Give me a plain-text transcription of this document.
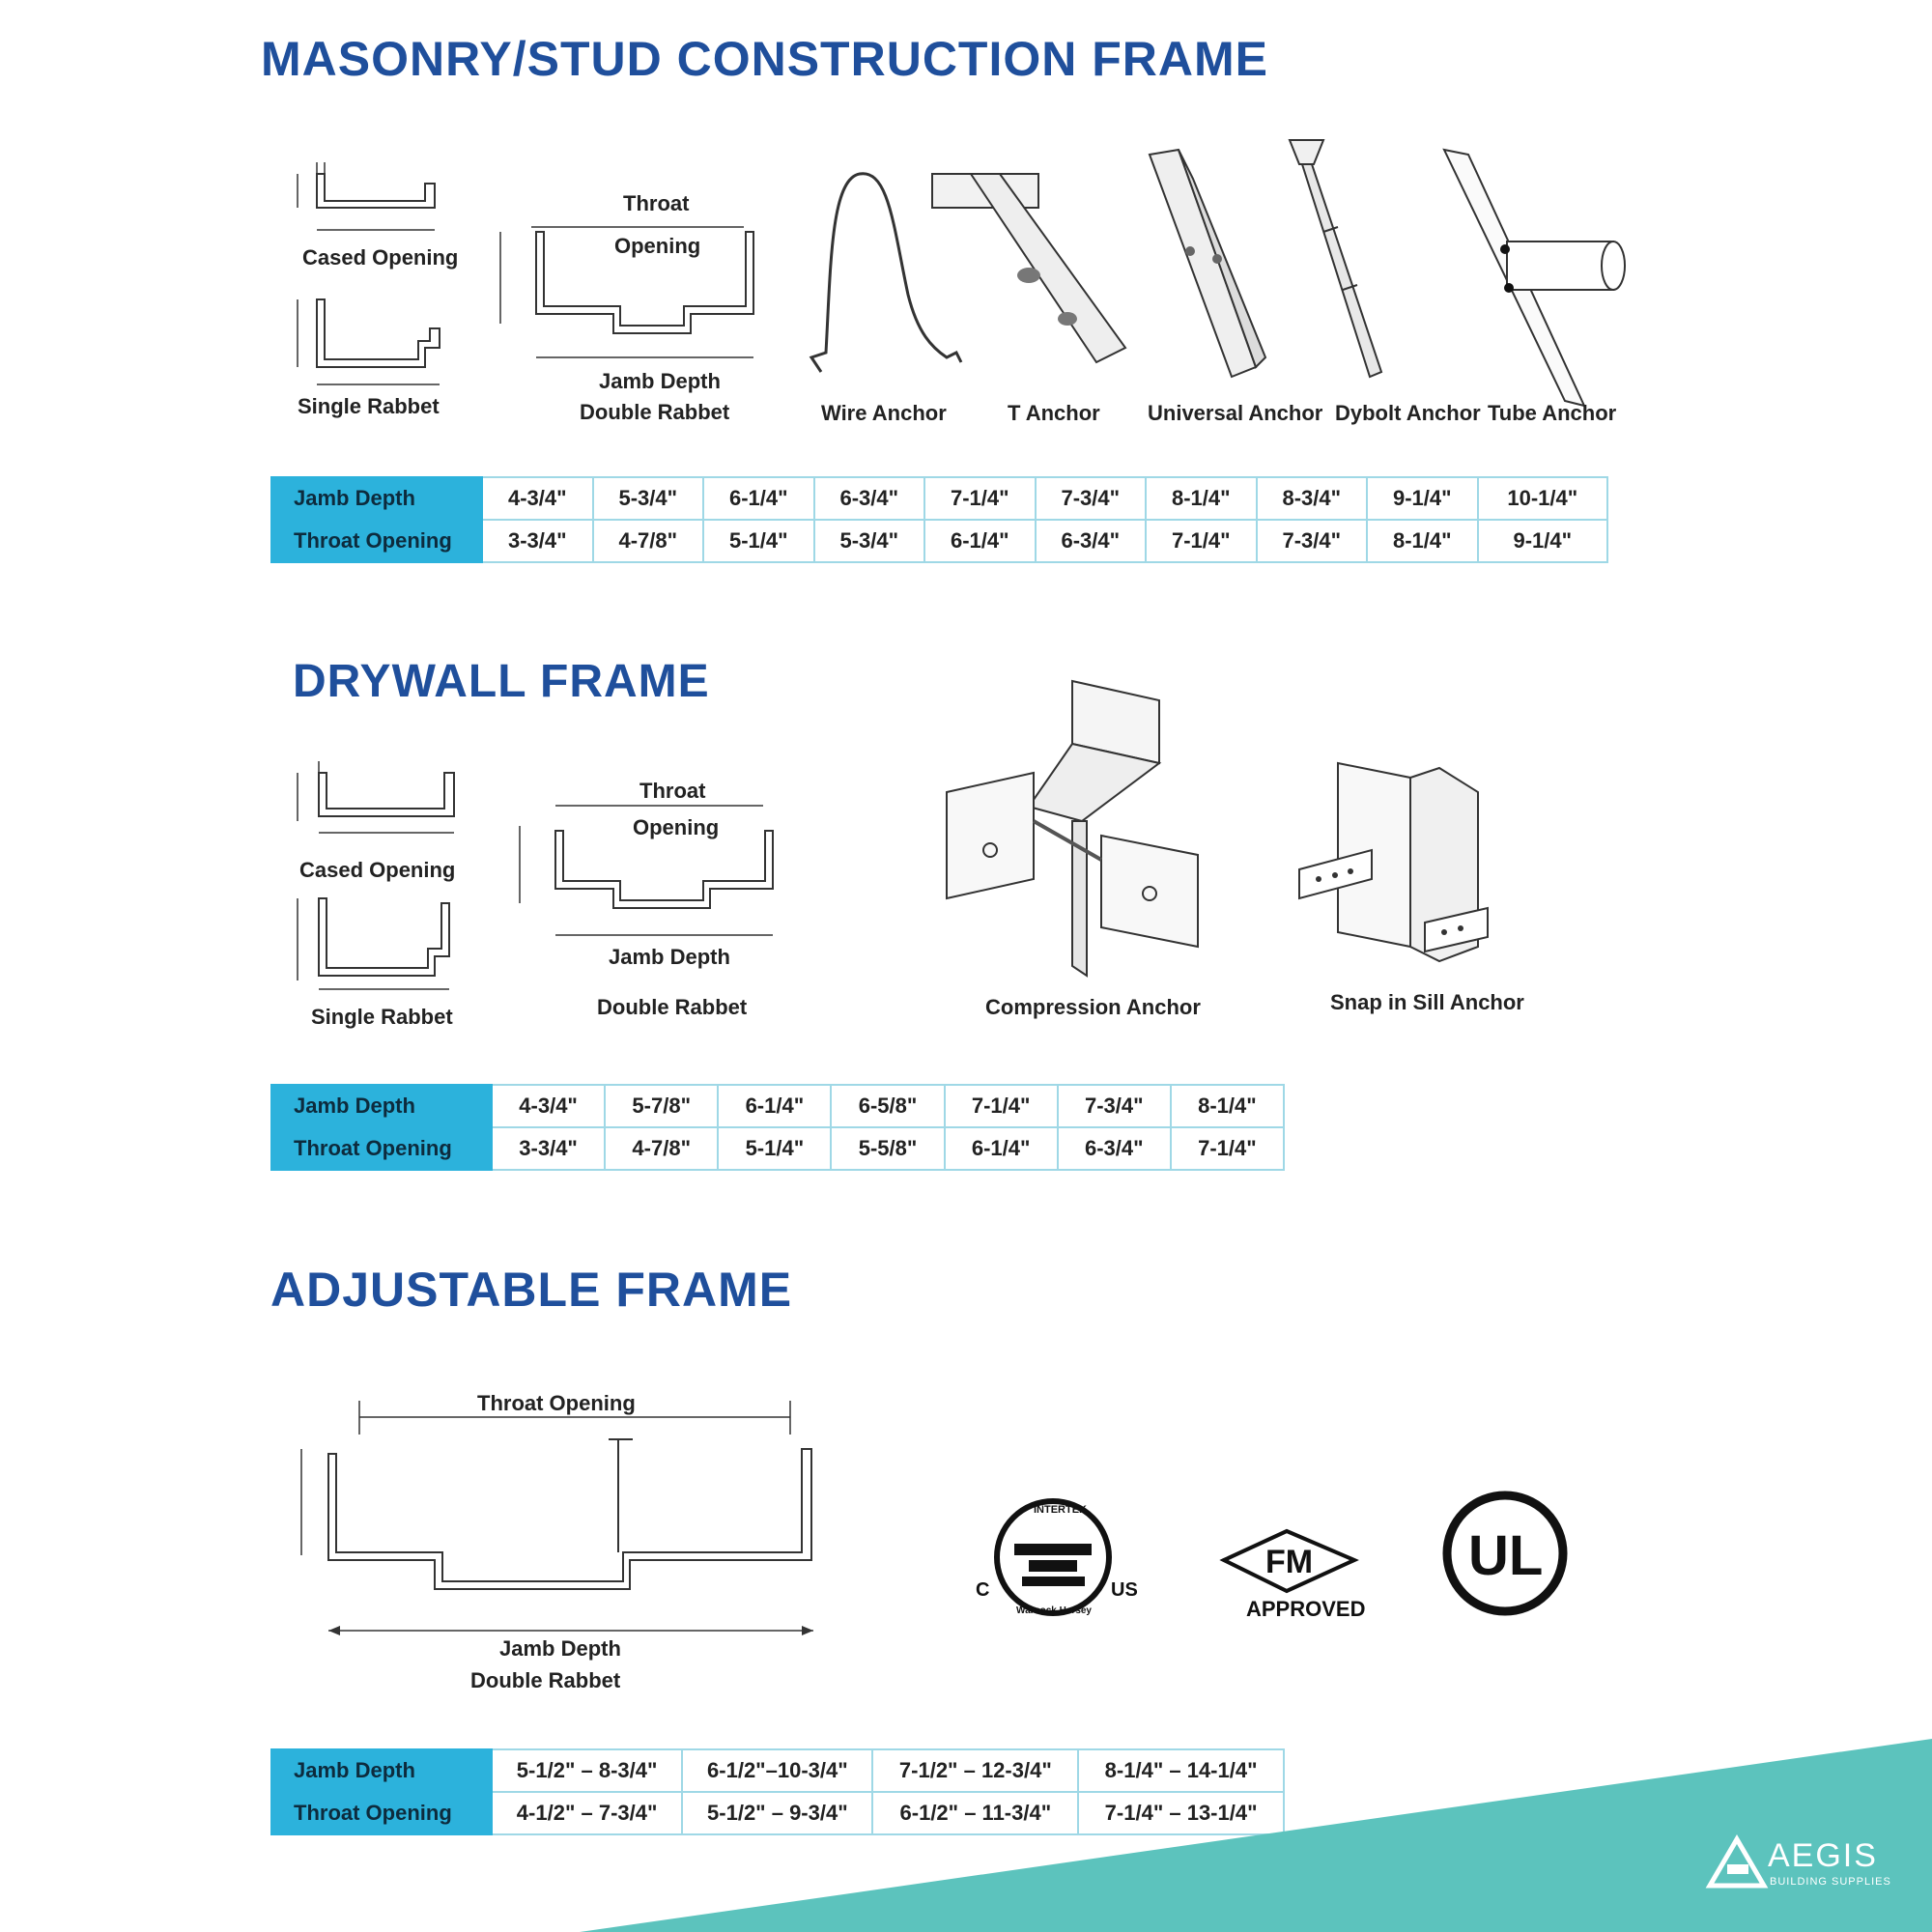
MASONRY/STUD CONSTRUCTION FRAME
Cased Opening
Single Rabbet
Throat
Opening
Jamb Depth
Double Rabbet	Wire Anchor	T Anchor Universal Anchor Dybolt Anchor Tube Anchor
Jamb Depth	4-3/4"	5-3/4"	6-1/4"	6-3/4"	7-1/4"	7-3/4"	8-1/4"	8-3/4"	9-1/4"	10-1/4"
Throat Opening	3-3/4"	4-7/8"	5-1/4"	5-3/4"	6-1/4"	6-3/4"	7-1/4"	7-3/4"	8-1/4"	9-1/4"
DRYWALL FRAME
Cased Opening
Single Rabbet
Throat
Opening
Jamb Depth
Double Rabbet	Compression Anchor	Snap in Sill Anchor
Jamb Depth	4-3/4"	5-7/8"	6-1/4"	6-5/8"	7-1/4"	7-3/4"	8-1/4"
Throat Opening	3-3/4"	4-7/8"	5-1/4"	5-5/8"	6-1/4"	6-3/4"	7-1/4"
ADJUSTABLE FRAME
Throat Opening
Jamb Depth
Double Rabbet
INTERTEK
Warnock Hersey
C	US
FM
APPROVED
UL
Jamb Depth	5-1/2" – 8-3/4"	6-1/2"–10-3/4"	7-1/2" – 12-3/4"	8-1/4" – 14-1/4"
Throat Opening	4-1/2" – 7-3/4"	5-1/2" – 9-3/4"	6-1/2" – 11-3/4"	7-1/4" – 13-1/4"
AEGIS
BUILDING SUPPLIES
